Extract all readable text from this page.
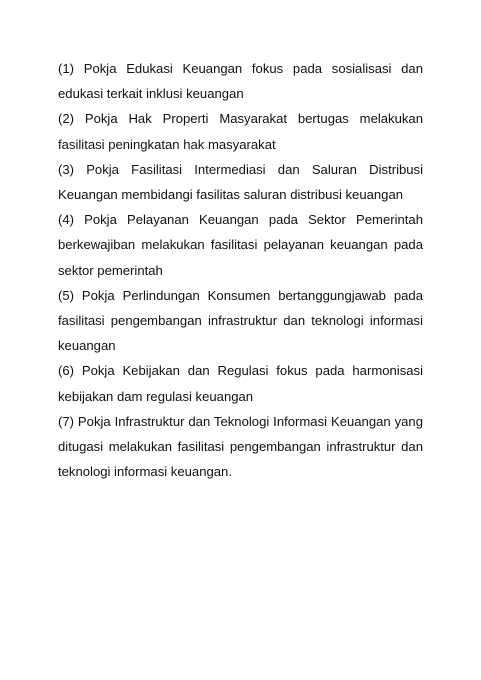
(1) Pokja Edukasi Keuangan fokus pada sosialisasi dan edukasi terkait inklusi keuangan

(2) Pokja Hak Properti Masyarakat bertugas melakukan fasilitasi peningkatan hak masyarakat

(3) Pokja Fasilitasi Intermediasi dan Saluran Distribusi Keuangan membidangi fasilitas saluran distribusi keuangan

(4) Pokja Pelayanan Keuangan pada Sektor Pemerintah berkewajiban melakukan fasilitasi pelayanan keuangan pada sektor pemerintah

(5) Pokja Perlindungan Konsumen bertanggungjawab pada fasilitasi pengembangan infrastruktur dan teknologi informasi keuangan

(6) Pokja Kebijakan dan Regulasi fokus pada harmonisasi kebijakan dam regulasi keuangan

(7) Pokja Infrastruktur dan Teknologi Informasi Keuangan yang ditugasi melakukan fasilitasi pengembangan infrastruktur dan teknologi informasi keuangan.
